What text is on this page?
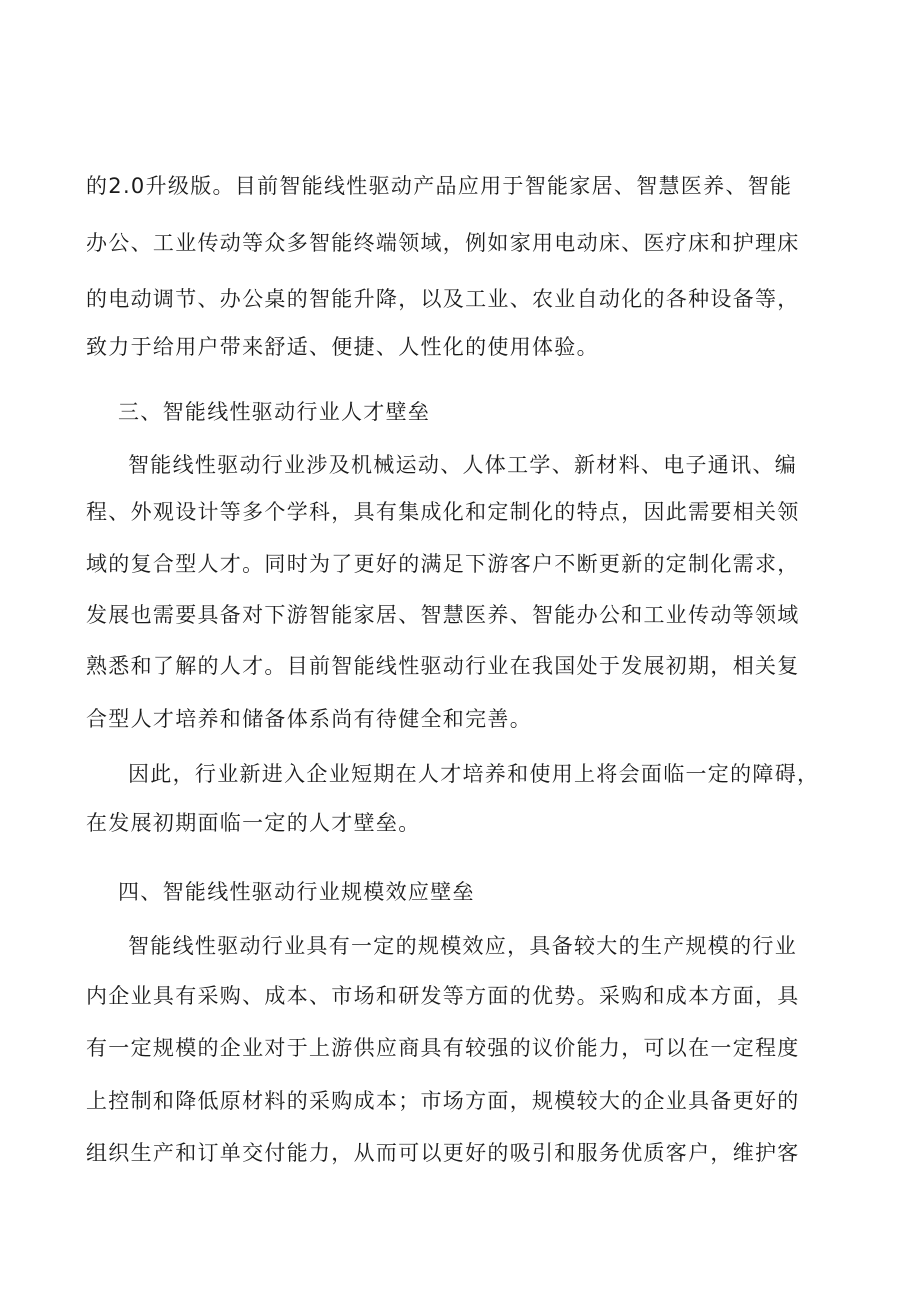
的2.0升级版。目前智能线性驱动产品应用于智能家居、智慧医养、智能
办公、工业传动等众多智能终端领域，例如家用电动床、医疗床和护理床
的电动调节、办公桌的智能升降，以及工业、农业自动化的各种设备等，
致力于给用户带来舒适、便捷、人性化的使用体验。
三、智能线性驱动行业人才壁垒
智能线性驱动行业涉及机械运动、人体工学、新材料、电子通讯、编
程、外观设计等多个学科，具有集成化和定制化的特点，因此需要相关领
域的复合型人才。同时为了更好的满足下游客户不断更新的定制化需求，
发展也需要具备对下游智能家居、智慧医养、智能办公和工业传动等领域
熟悉和了解的人才。目前智能线性驱动行业在我国处于发展初期，相关复
合型人才培养和储备体系尚有待健全和完善。
因此，行业新进入企业短期在人才培养和使用上将会面临一定的障碍，
在发展初期面临一定的人才壁垒。
四、智能线性驱动行业规模效应壁垒
智能线性驱动行业具有一定的规模效应，具备较大的生产规模的行业
内企业具有采购、成本、市场和研发等方面的优势。采购和成本方面，具
有一定规模的企业对于上游供应商具有较强的议价能力，可以在一定程度
上控制和降低原材料的采购成本；市场方面，规模较大的企业具备更好的
组织生产和订单交付能力，从而可以更好的吸引和服务优质客户，维护客
